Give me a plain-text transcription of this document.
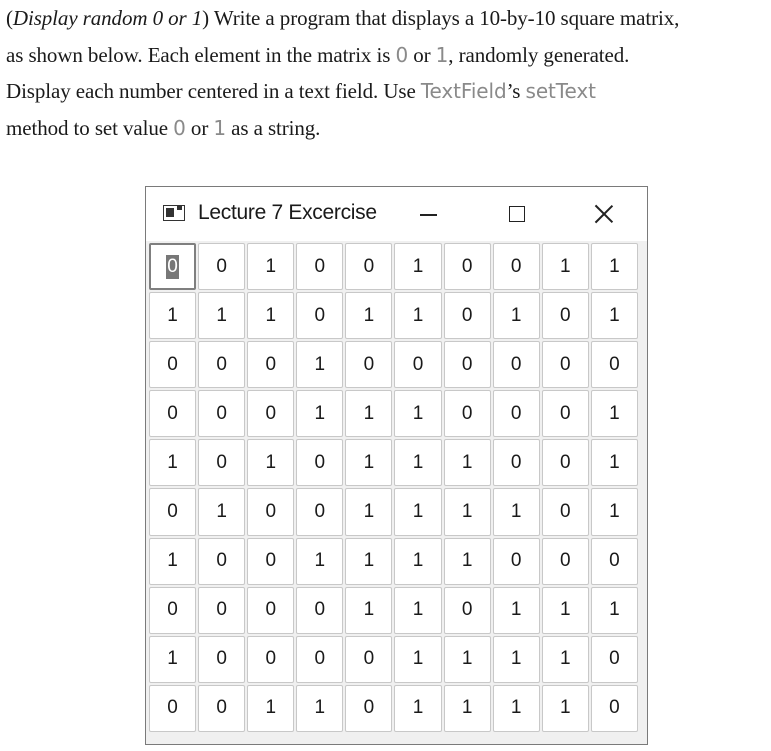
(Display random 0 or 1) Write a program that displays a 10-by-10 square matrix,
as shown below. Each element in the matrix is 0 or 1, randomly generated.
Display each number centered in a text field. Use TextField’s setText
method to set value 0 or 1 as a string.
Lecture 7 Excercise
0 0 1 0 0 1 0 0 1 1
1 1 1 0 1 1 0 1 0 1
0 0 0 1 0 0 0 0 0 0
0 0 0 1 1 1 0 0 0 1
1 0 1 0 1 1 1 0 0 1
0 1 0 0 1 1 1 1 0 1
1 0 0 1 1 1 1 0 0 0
0 0 0 0 1 1 0 1 1 1
1 0 0 0 0 1 1 1 1 0
0 0 1 1 0 1 1 1 1 0
